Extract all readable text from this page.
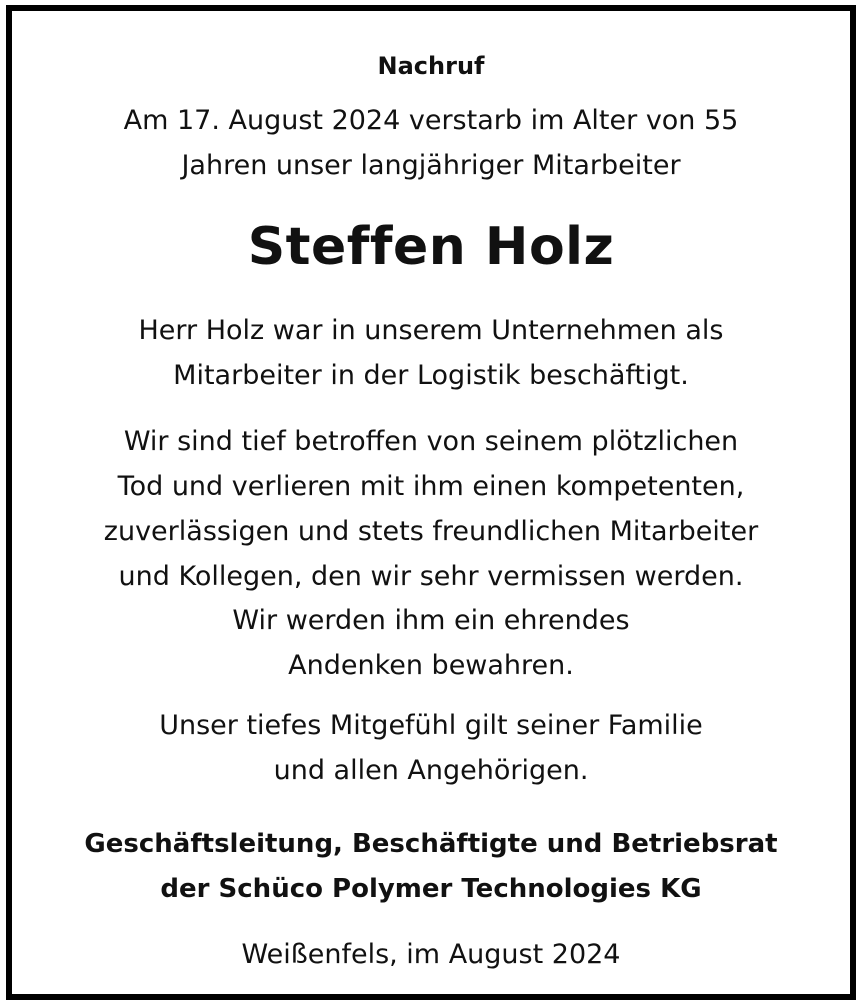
Nachruf
Am 17. August 2024 verstarb im Alter von 55
Jahren unser langjähriger Mitarbeiter
Steffen Holz
Herr Holz war in unserem Unternehmen als
Mitarbeiter in der Logistik beschäftigt.
Wir sind tief betroffen von seinem plötzlichen
Tod und verlieren mit ihm einen kompetenten,
zuverlässigen und stets freundlichen Mitarbeiter
und Kollegen, den wir sehr vermissen werden.
Wir werden ihm ein ehrendes
Andenken bewahren.
Unser tiefes Mitgefühl gilt seiner Familie
und allen Angehörigen.
Geschäftsleitung, Beschäftigte und Betriebsrat
der Schüco Polymer Technologies KG
Weißenfels, im August 2024
